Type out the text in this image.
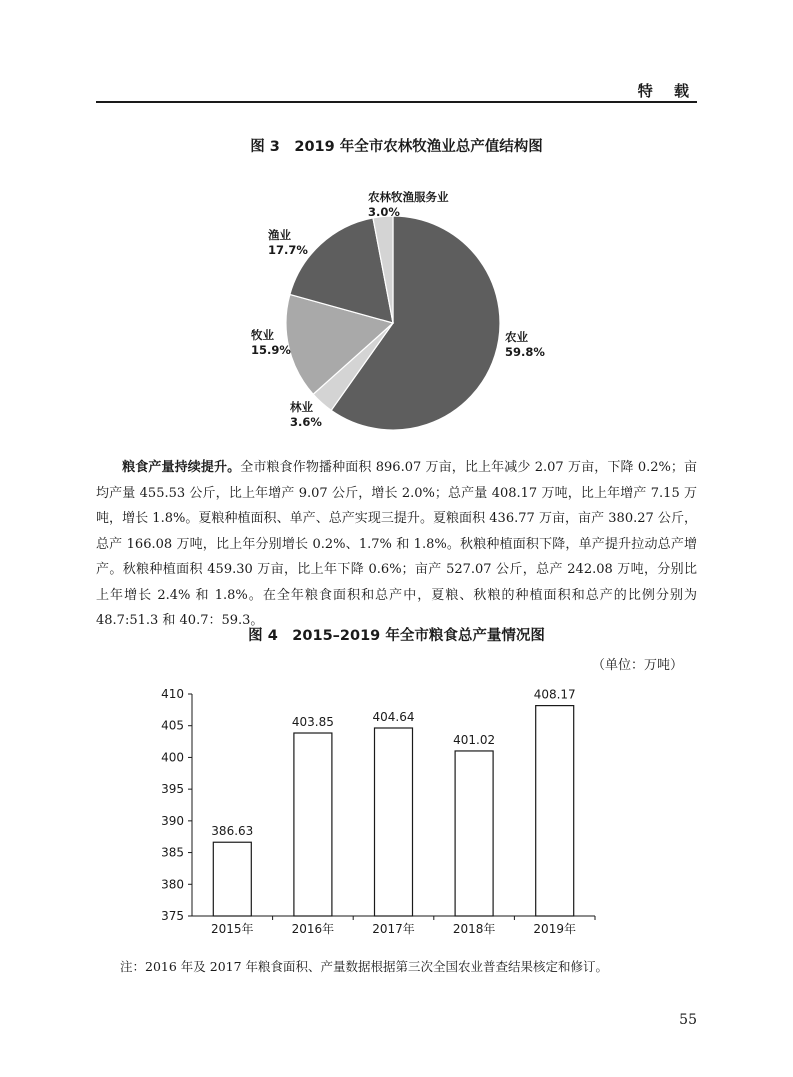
特 载
图 3　2019 年全市农林牧渔业总产值结构图
农林牧渔服务业
3.0%
渔业
17.7%
牧业
15.9%
林业
3.6%
农业
59.8%

粮食产量持续提升。全市粮食作物播种面积 896.07 万亩，比上年减少 2.07 万亩，下降 0.2%；亩均产量 455.53 公斤，比上年增产 9.07 公斤，增长 2.0%；总产量 408.17 万吨，比上年增产 7.15 万吨，增长 1.8%。夏粮种植面积、单产、总产实现三提升。夏粮面积 436.77 万亩，亩产 380.27 公斤，总产 166.08 万吨，比上年分别增长 0.2%、1.7% 和 1.8%。秋粮种植面积下降，单产提升拉动总产增产。秋粮种植面积 459.30 万亩，比上年下降 0.6%；亩产 527.07 公斤，总产 242.08 万吨，分别比上年增长 2.4% 和 1.8%。在全年粮食面积和总产中，夏粮、秋粮的种植面积和总产的比例分别为 48.7:51.3 和 40.7：59.3。

图 4　2015–2019 年全市粮食总产量情况图
（单位：万吨）
375
380
385
390
395
400
405
410
386.63
2015年
403.85
2016年
404.64
2017年
401.02
2018年
408.17
2019年
注：2016 年及 2017 年粮食面积、产量数据根据第三次全国农业普查结果核定和修订。
55
